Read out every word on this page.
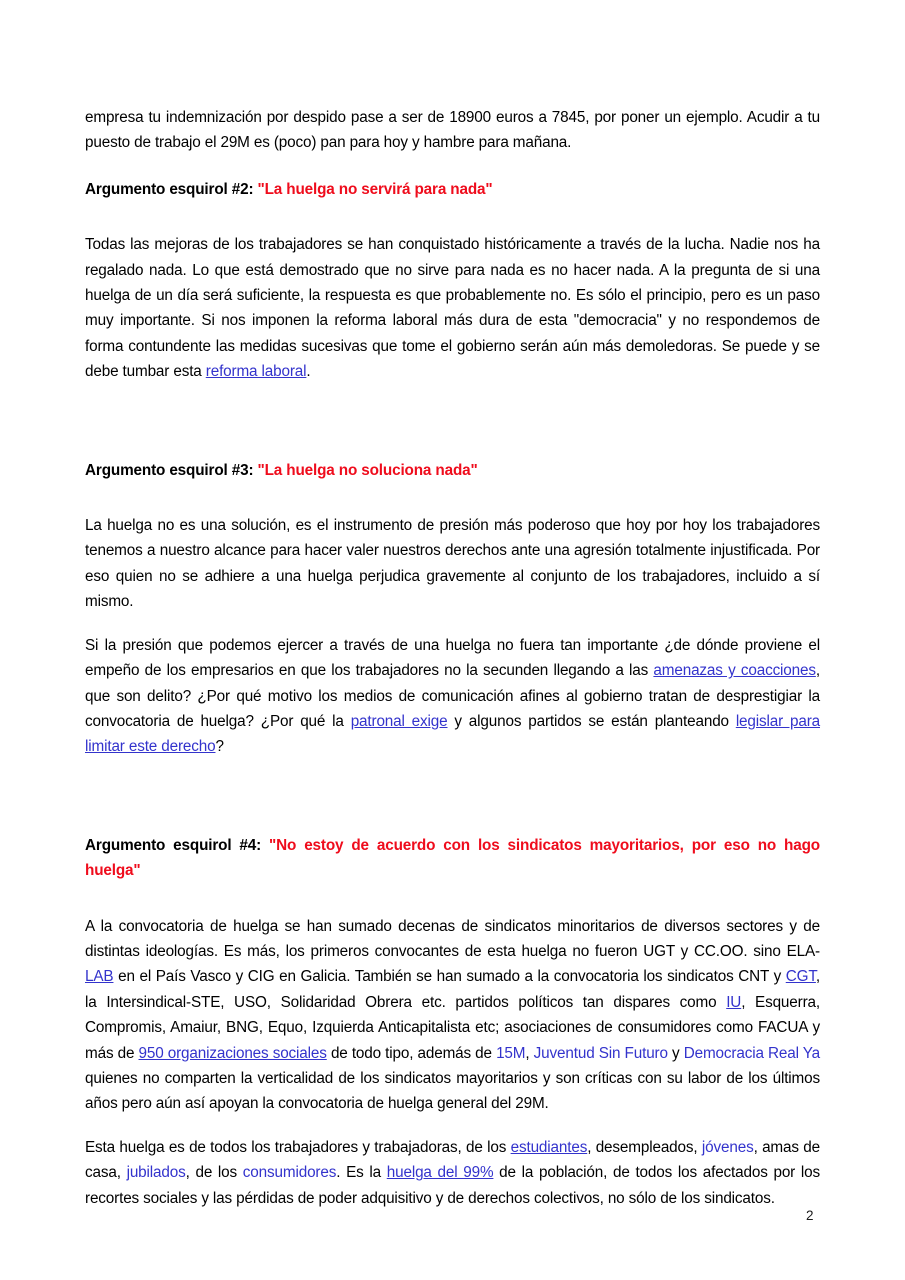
empresa tu indemnización por despido pase a ser de 18900 euros a 7845, por poner un ejemplo. Acudir a tu puesto de trabajo el 29M es (poco) pan para hoy y hambre para mañana.

Argumento esquirol #2: "La huelga no servirá para nada"

Todas las mejoras de los trabajadores se han conquistado históricamente a través de la lucha. Nadie nos ha regalado nada. Lo que está demostrado que no sirve para nada es no hacer nada. A la pregunta de si una huelga de un día será suficiente, la respuesta es que probablemente no. Es sólo el principio, pero es un paso muy importante. Si nos imponen la reforma laboral más dura de esta "democracia" y no respondemos de forma contundente las medidas sucesivas que tome el gobierno serán aún más demoledoras. Se puede y se debe tumbar esta reforma laboral.

Argumento esquirol #3: "La huelga no soluciona nada"

La huelga no es una solución, es el instrumento de presión más poderoso que hoy por hoy los trabajadores tenemos a nuestro alcance para hacer valer nuestros derechos ante una agresión totalmente injustificada. Por eso quien no se adhiere a una huelga perjudica gravemente al conjunto de los trabajadores, incluido a sí mismo.

Si la presión que podemos ejercer a través de una huelga no fuera tan importante ¿de dónde proviene el empeño de los empresarios en que los trabajadores no la secunden llegando a las amenazas y coacciones, que son delito? ¿Por qué motivo los medios de comunicación afines al gobierno tratan de desprestigiar la convocatoria de huelga? ¿Por qué la patronal exige y algunos partidos se están planteando legislar para limitar este derecho?

Argumento esquirol #4: "No estoy de acuerdo con los sindicatos mayoritarios, por eso no hago huelga"

A la convocatoria de huelga se han sumado decenas de sindicatos minoritarios de diversos sectores y de distintas ideologías. Es más, los primeros convocantes de esta huelga no fueron UGT y CC.OO. sino ELA-LAB en el País Vasco y CIG en Galicia. También se han sumado a la convocatoria los sindicatos CNT y CGT, la Intersindical-STE, USO, Solidaridad Obrera etc. partidos políticos tan dispares como IU, Esquerra, Compromis, Amaiur, BNG, Equo, Izquierda Anticapitalista etc; asociaciones de consumidores como FACUA y más de 950 organizaciones sociales de todo tipo, además de 15M, Juventud Sin Futuro y Democracia Real Ya quienes no comparten la verticalidad de los sindicatos mayoritarios y son críticas con su labor de los últimos años pero aún así apoyan la convocatoria de huelga general del 29M.

Esta huelga es de todos los trabajadores y trabajadoras, de los estudiantes, desempleados, jóvenes, amas de casa, jubilados, de los consumidores. Es la huelga del 99% de la población, de todos los afectados por los recortes sociales y las pérdidas de poder adquisitivo y de derechos colectivos, no sólo de los sindicatos.

2
